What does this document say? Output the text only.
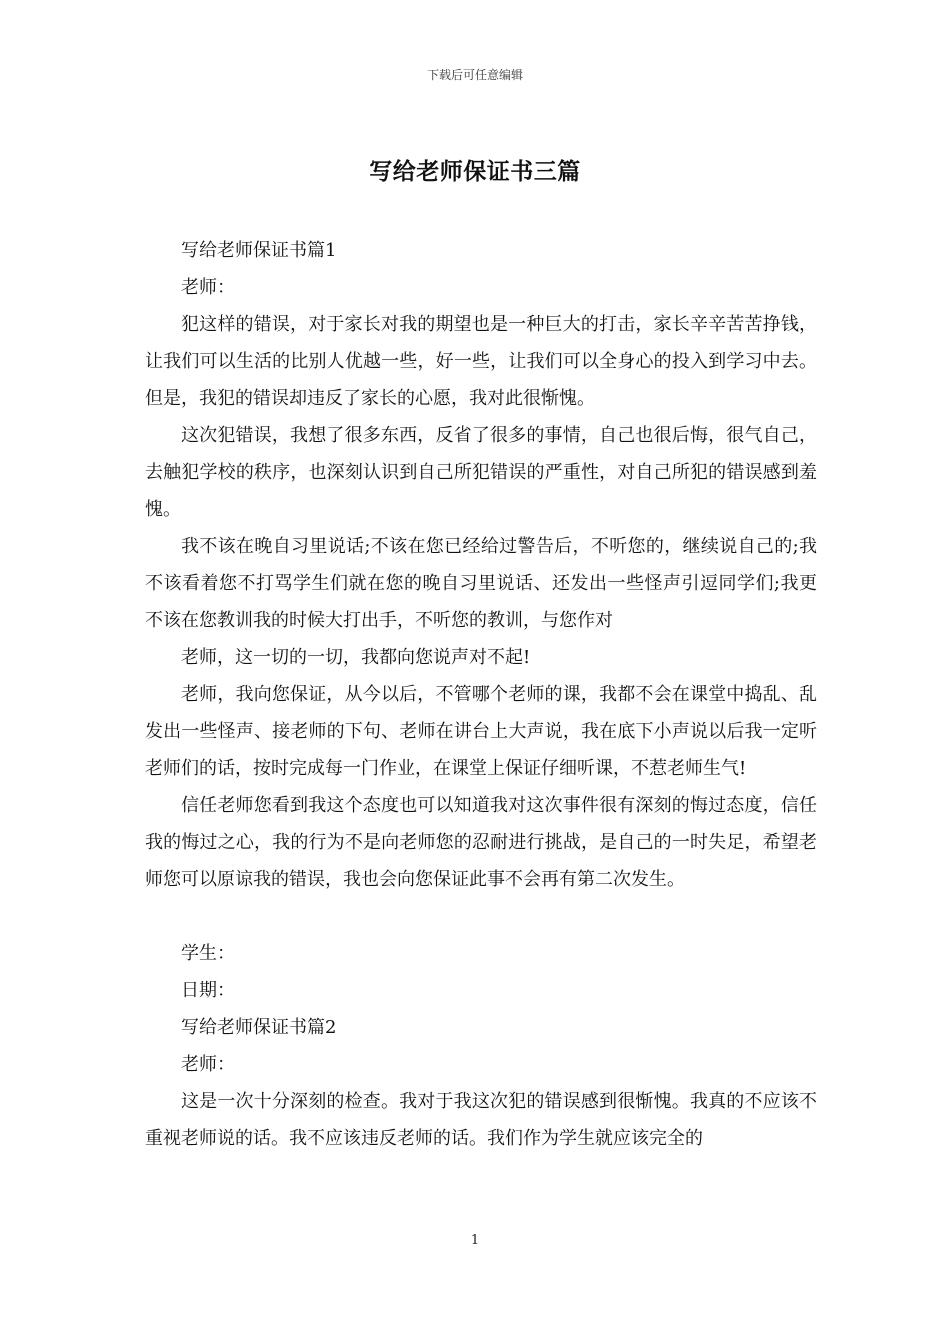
下载后可任意编辑
写给老师保证书三篇

写给老师保证书篇1

老师：

犯这样的错误，对于家长对我的期望也是一种巨大的打击，家长辛辛苦苦挣钱，让我们可以生活的比别人优越一些，好一些，让我们可以全身心的投入到学习中去。但是，我犯的错误却违反了家长的心愿，我对此很惭愧。

这次犯错误，我想了很多东西，反省了很多的事情，自己也很后悔，很气自己，去触犯学校的秩序，也深刻认识到自己所犯错误的严重性，对自己所犯的错误感到羞愧。

我不该在晚自习里说话;不该在您已经给过警告后，不听您的，继续说自己的;我不该看着您不打骂学生们就在您的晚自习里说话、还发出一些怪声引逗同学们;我更不该在您教训我的时候大打出手，不听您的教训，与您作对

老师，这一切的一切，我都向您说声对不起!

老师，我向您保证，从今以后，不管哪个老师的课，我都不会在课堂中捣乱、乱发出一些怪声、接老师的下句、老师在讲台上大声说，我在底下小声说以后我一定听老师们的话，按时完成每一门作业，在课堂上保证仔细听课，不惹老师生气!

信任老师您看到我这个态度也可以知道我对这次事件很有深刻的悔过态度，信任我的悔过之心，我的行为不是向老师您的忍耐进行挑战，是自己的一时失足，希望老师您可以原谅我的错误，我也会向您保证此事不会再有第二次发生。

学生：

日期：

写给老师保证书篇2

老师：

这是一次十分深刻的检查。我对于我这次犯的错误感到很惭愧。我真的不应该不重视老师说的话。我不应该违反老师的话。我们作为学生就应该完全的

1
